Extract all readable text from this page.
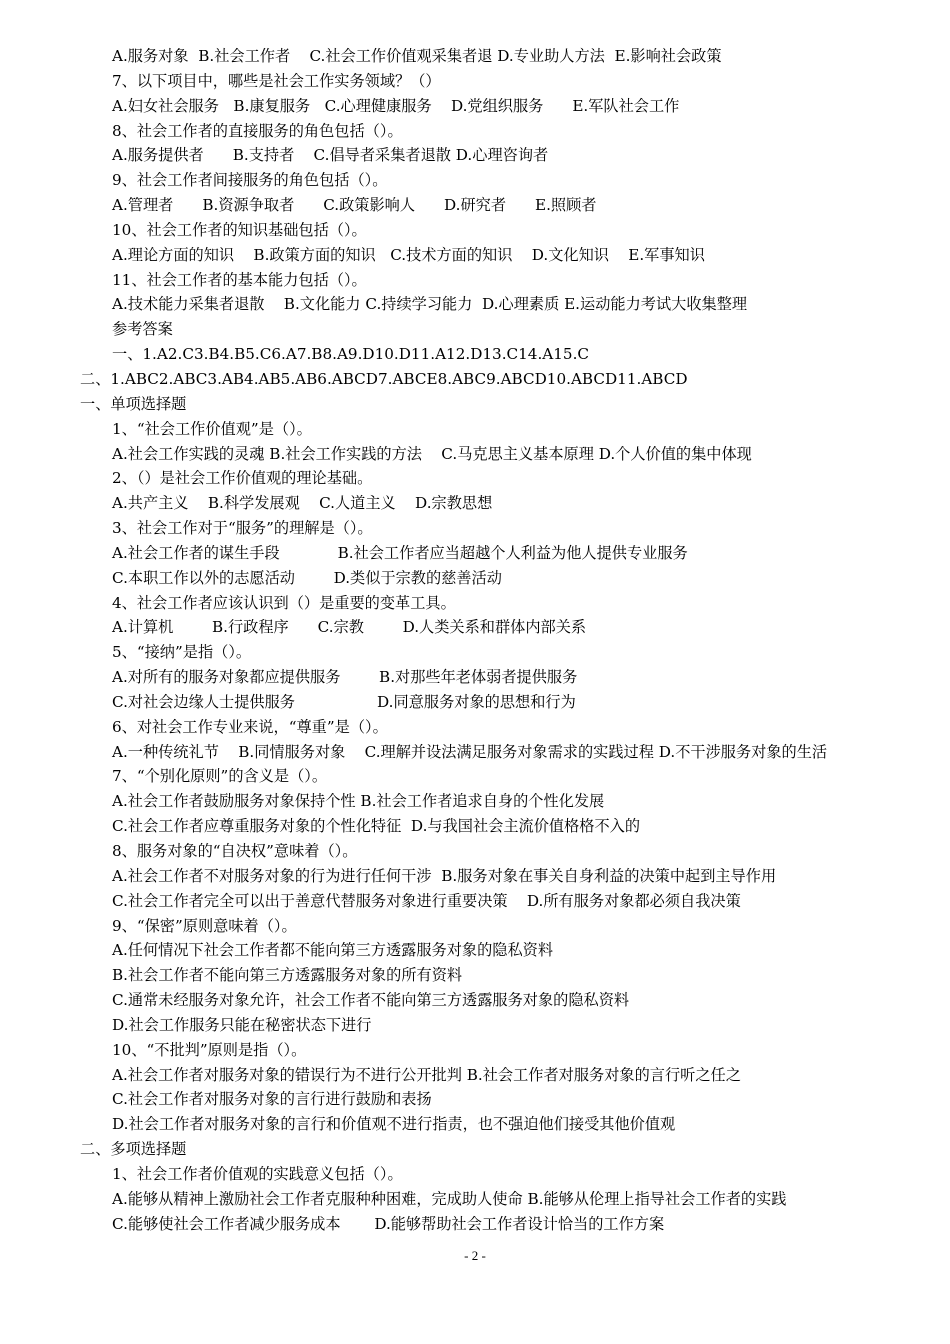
A.服务对象  B.社会工作者    C.社会工作价值观采集者退 D.专业助人方法  E.影响社会政策
7、以下项目中，哪些是社会工作实务领域？（）
A.妇女社会服务   B.康复服务   C.心理健康服务    D.党组织服务      E.军队社会工作
8、社会工作者的直接服务的角色包括（）。
A.服务提供者      B.支持者    C.倡导者采集者退散 D.心理咨询者
9、社会工作者间接服务的角色包括（）。
A.管理者      B.资源争取者      C.政策影响人      D.研究者      E.照顾者
10、社会工作者的知识基础包括（）。
A.理论方面的知识    B.政策方面的知识   C.技术方面的知识    D.文化知识    E.军事知识
11、社会工作者的基本能力包括（）。
A.技术能力采集者退散    B.文化能力 C.持续学习能力  D.心理素质 E.运动能力考试大收集整理
参考答案
一、1.A2.C3.B4.B5.C6.A7.B8.A9.D10.D11.A12.D13.C14.A15.C
二、1.ABC2.ABC3.AB4.AB5.AB6.ABCD7.ABCE8.ABC9.ABCD10.ABCD11.ABCD
一、单项选择题
1、“社会工作价值观”是（）。
A.社会工作实践的灵魂 B.社会工作实践的方法    C.马克思主义基本原理 D.个人价值的集中体现
2、（）是社会工作价值观的理论基础。
A.共产主义    B.科学发展观    C.人道主义    D.宗教思想
3、社会工作对于“服务”的理解是（）。
A.社会工作者的谋生手段            B.社会工作者应当超越个人利益为他人提供专业服务
C.本职工作以外的志愿活动        D.类似于宗教的慈善活动
4、社会工作者应该认识到（）是重要的变革工具。
A.计算机        B.行政程序      C.宗教        D.人类关系和群体内部关系
5、“接纳”是指（）。
A.对所有的服务对象都应提供服务        B.对那些年老体弱者提供服务
C.对社会边缘人士提供服务                 D.同意服务对象的思想和行为
6、对社会工作专业来说，“尊重”是（）。
A.一种传统礼节    B.同情服务对象    C.理解并设法满足服务对象需求的实践过程 D.不干涉服务对象的生活
7、“个别化原则”的含义是（）。
A.社会工作者鼓励服务对象保持个性 B.社会工作者追求自身的个性化发展
C.社会工作者应尊重服务对象的个性化特征  D.与我国社会主流价值格格不入的
8、服务对象的“自决权”意味着（）。
A.社会工作者不对服务对象的行为进行任何干涉  B.服务对象在事关自身利益的决策中起到主导作用
C.社会工作者完全可以出于善意代替服务对象进行重要决策    D.所有服务对象都必须自我决策
9、“保密”原则意味着（）。
A.任何情况下社会工作者都不能向第三方透露服务对象的隐私资料
B.社会工作者不能向第三方透露服务对象的所有资料
C.通常未经服务对象允许，社会工作者不能向第三方透露服务对象的隐私资料
D.社会工作服务只能在秘密状态下进行
10、“不批判”原则是指（）。
A.社会工作者对服务对象的错误行为不进行公开批判 B.社会工作者对服务对象的言行听之任之
C.社会工作者对服务对象的言行进行鼓励和表扬
D.社会工作者对服务对象的言行和价值观不进行指责，也不强迫他们接受其他价值观
二、多项选择题
1、社会工作者价值观的实践意义包括（）。
A.能够从精神上激励社会工作者克服种种困难，完成助人使命 B.能够从伦理上指导社会工作者的实践
C.能够使社会工作者减少服务成本       D.能够帮助社会工作者设计恰当的工作方案
- 2 -
